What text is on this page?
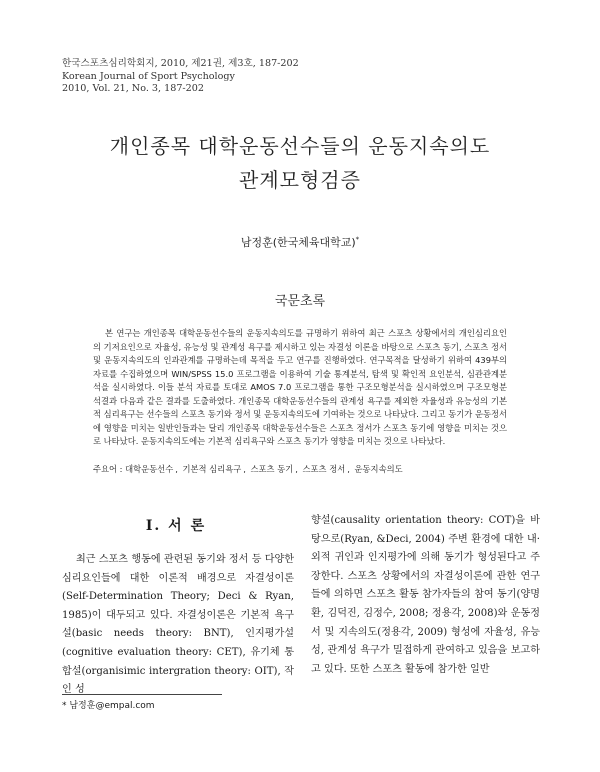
한국스포츠심리학회지, 2010, 제21권, 제3호, 187-202
Korean Journal of Sport Psychology
2010, Vol. 21, No. 3, 187-202
개인종목 대학운동선수들의 운동지속의도
관계모형검증
남정훈(한국체육대학교)*
국문초록

본 연구는 개인종목 대학운동선수들의 운동지속의도를 규명하기 위하여 최근 스포츠 상황에서의 개인심리요인의 기저요인으로 자율성, 유능성 및 관계성 욕구를 제시하고 있는 자결성 이론을 바탕으로 스포츠 동기, 스포츠 정서 및 운동지속의도의 인과관계를 규명하는데 목적을 두고 연구를 진행하였다. 연구목적을 달성하기 위하여 439부의 자료를 수집하였으며 WIN/SPSS 15.0 프로그램을 이용하여 기술 통계분석, 탐색 및 확인적 요인분석, 심관관계분석을 실시하였다. 이들 분석 자료를 토대로 AMOS 7.0 프로그램을 통한 구조모형분석을 실시하였으며 구조모형분석결과 다음과 같은 결과를 도출하였다. 개인종목 대학운동선수들의 관계성 욕구를 제외한 자율성과 유능성의 기본적 심리욕구는 선수들의 스포츠 동기와 정서 및 운동지속의도에 기여하는 것으로 나타났다. 그리고 동기가 운동정서에 영향을 미치는 일반인들과는 달리 개인종목 대학운동선수들은 스포츠 정서가 스포츠 동기에 영향을 미치는 것으로 나타났다. 운동지속의도에는 기본적 심리욕구와 스포츠 동기가 영향을 미치는 것으로 나타났다.

주요어 : 대학운동선수 , 기본적 심리욕구 , 스포츠 동기 , 스포츠 정서 , 운동지속의도
I. 서 론

최근 스포츠 행동에 관련된 동기와 정서 등 다양한 심리요인들에 대한 이론적 배경으로 자결성이론(Self-Determination Theory; Deci & Ryan, 1985)이 대두되고 있다. 자결성이론은 기본적 욕구설(basic needs theory: BNT), 인지평가설(cognitive evaluation theory: CET), 유기체 통합설(organisimic intergration theory: OIT), 작인 성

향설(causality orientation theory: COT)을 바탕으로(Ryan, &Deci, 2004) 주변 환경에 대한 내·외적 귀인과 인지평가에 의해 동기가 형성된다고 주장한다. 스포츠 상황에서의 자결성이론에 관한 연구들에 의하면 스포츠 활동 참가자들의 참여 동기(양명환, 김덕진, 김정수, 2008; 정용각, 2008)와 운동정서 및 지속의도(정용각, 2009) 형성에 자율성, 유능성, 관계성 욕구가 밀접하게 관여하고 있음을 보고하고 있다. 또한 스포츠 활동에 참가한 일반

* 남정훈@empal.com
